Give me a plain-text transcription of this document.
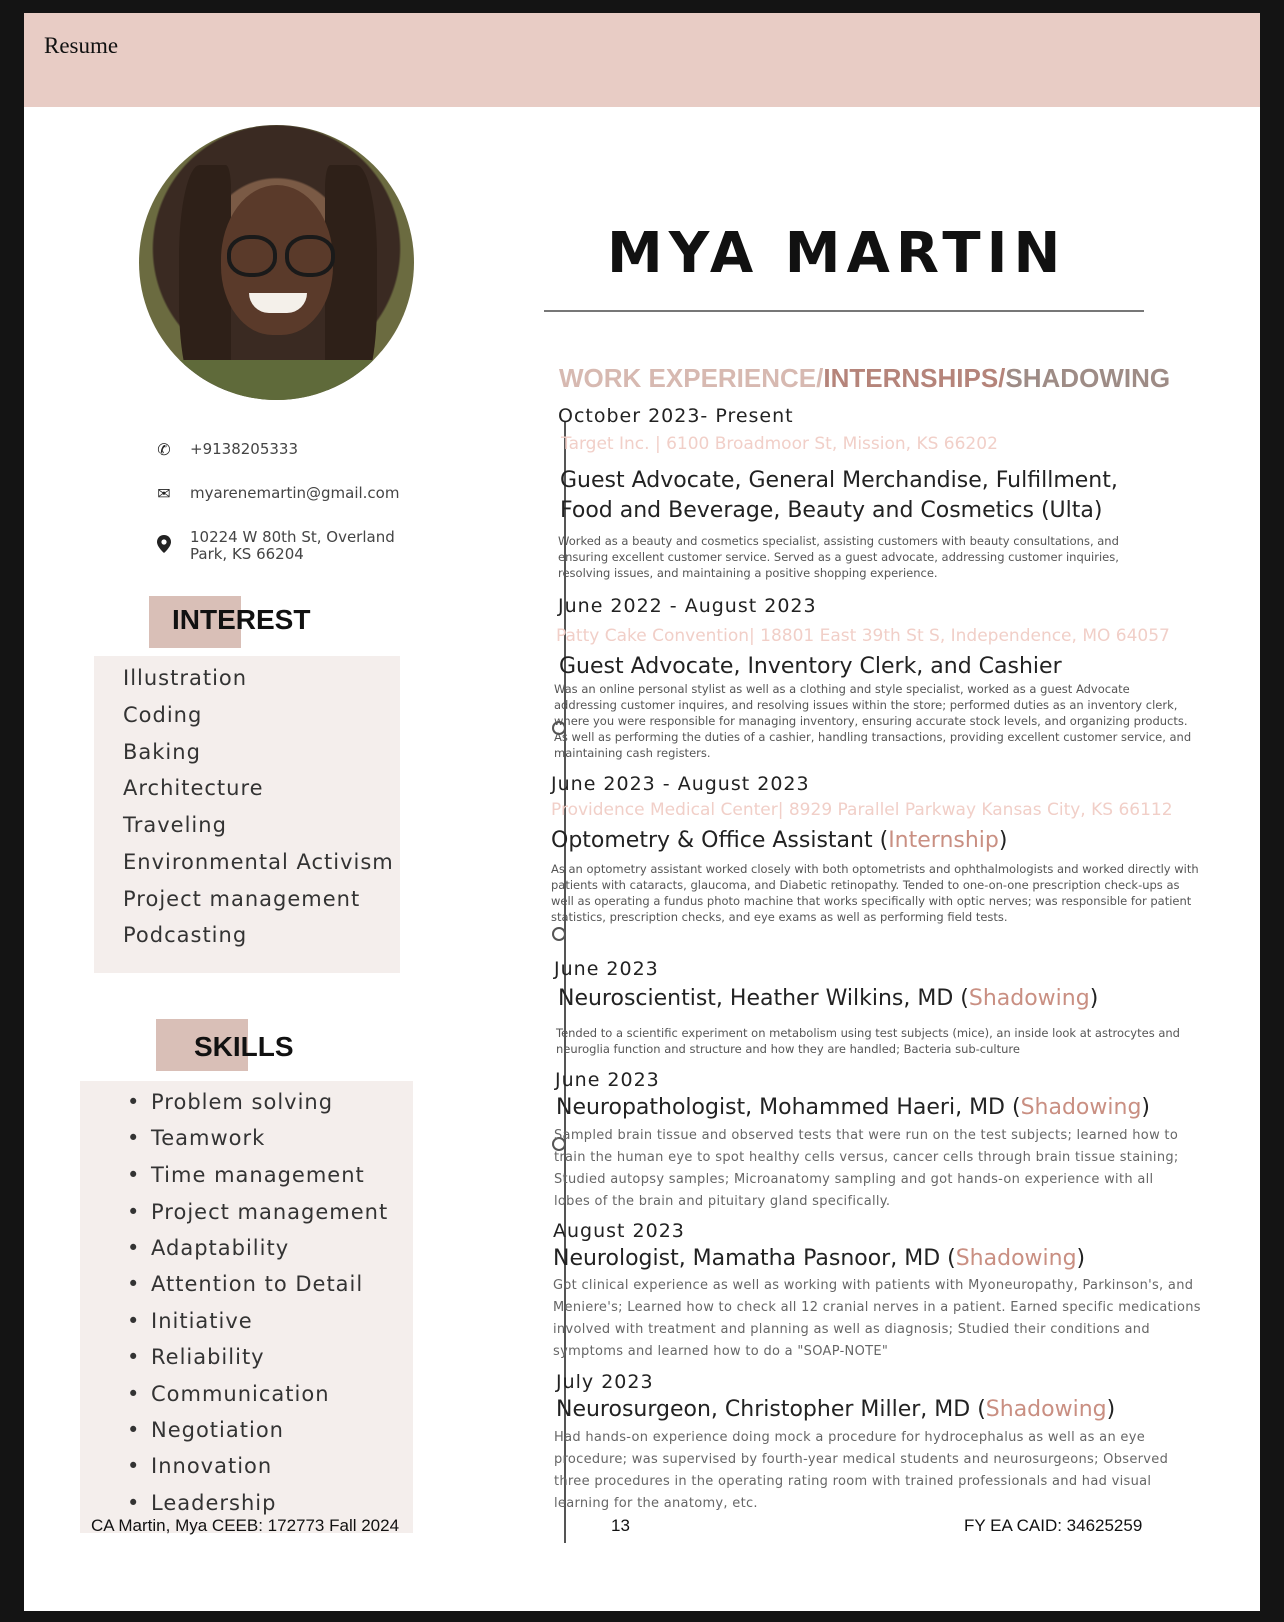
Resume
✆ +9138205333
✉ myarenemartin@gmail.com
10224 W 80th St, Overland
Park, KS 66204
INTEREST
Illustration
Coding
Baking
Architecture
Traveling
Environmental Activism
Project management
Podcasting
SKILLS
• Problem solving
• Teamwork
• Time management
• Project management
• Adaptability
• Attention to Detail
• Initiative
• Reliability
• Communication
• Negotiation
• Innovation
• Leadership
MYA MARTIN
WORK EXPERIENCE/INTERNSHIPS/SHADOWING
October 2023- Present
Target Inc. | 6100 Broadmoor St, Mission, KS 66202
Guest Advocate, General Merchandise, Fulfillment,
Food and Beverage, Beauty and Cosmetics (Ulta)
Worked as a beauty and cosmetics specialist, assisting customers with beauty consultations, and ensuring excellent customer service. Served as a guest advocate, addressing customer inquiries, resolving issues, and maintaining a positive shopping experience.
June 2022 - August 2023
Patty Cake Convention| 18801 East 39th St S, Independence, MO 64057
Guest Advocate, Inventory Clerk, and Cashier
Was an online personal stylist as well as a clothing and style specialist, worked as a guest Advocate addressing customer inquires, and resolving issues within the store; performed duties as an inventory clerk, where you were responsible for managing inventory, ensuring accurate stock levels, and organizing products. As well as performing the duties of a cashier, handling transactions, providing excellent customer service, and maintaining cash registers.
June 2023 - August 2023
Providence Medical Center| 8929 Parallel Parkway Kansas City, KS 66112
Optometry & Office Assistant (Internship)
As an optometry assistant worked closely with both optometrists and ophthalmologists and worked directly with patients with cataracts, glaucoma, and Diabetic retinopathy. Tended to one-on-one prescription check-ups as well as operating a fundus photo machine that works specifically with optic nerves; was responsible for patient statistics, prescription checks, and eye exams as well as performing field tests.
June 2023
Neuroscientist, Heather Wilkins, MD (Shadowing)
Tended to a scientific experiment on metabolism using test subjects (mice), an inside look at astrocytes and neuroglia function and structure and how they are handled; Bacteria sub-culture
June 2023
Neuropathologist, Mohammed Haeri, MD (Shadowing)
Sampled brain tissue and observed tests that were run on the test subjects; learned how to train the human eye to spot healthy cells versus, cancer cells through brain tissue staining; Studied autopsy samples; Microanatomy sampling and got hands-on experience with all lobes of the brain and pituitary gland specifically.
August 2023
Neurologist, Mamatha Pasnoor, MD (Shadowing)
Got clinical experience as well as working with patients with Myoneuropathy, Parkinson's, and Meniere's; Learned how to check all 12 cranial nerves in a patient. Earned specific medications involved with treatment and planning as well as diagnosis; Studied their conditions and symptoms and learned how to do a "SOAP-NOTE"
July 2023
Neurosurgeon, Christopher Miller, MD (Shadowing)
Had hands-on experience doing mock a procedure for hydrocephalus as well as an eye procedure; was supervised by fourth-year medical students and neurosurgeons; Observed three procedures in the operating rating room with trained professionals and had visual learning for the anatomy, etc.
CA Martin, Mya CEEB: 172773 Fall 2024	13	FY EA CAID: 34625259
